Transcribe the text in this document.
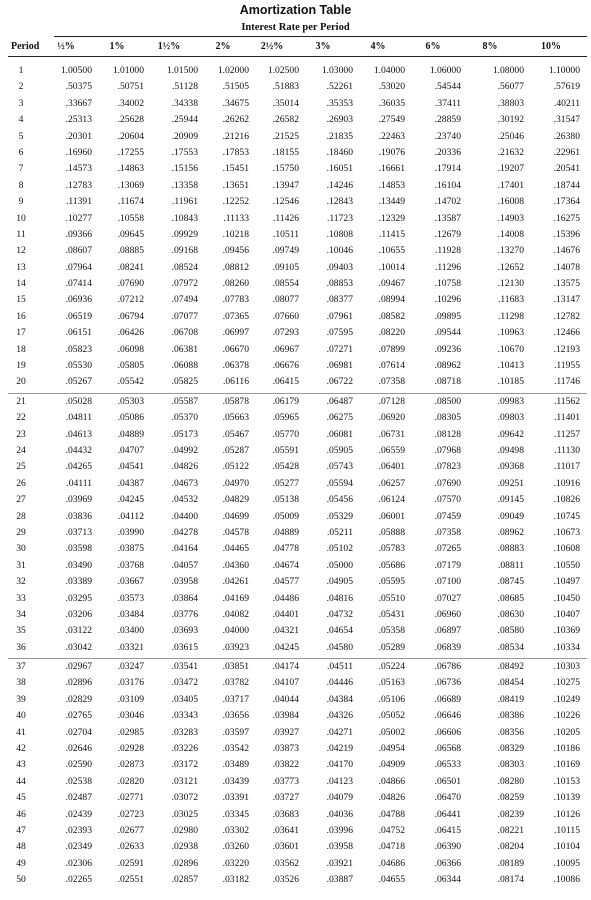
Amortization Table
Interest Rate per Period
Period	½%	1%	1½%	2%	2½%	3%	4%	6%	8%	10%
1	1.00500 1.01000 1.01500 1.02000 1.02500 1.03000 1.04000	1.06000	1.08000	1.10000
2	.50375	.50751	.51128	.51505 .51883	.52261	.53020	.54544	.56077	.57619
3	.33667	.34002	.34338	.34675 .35014	.35353	.36035	.37411	.38803	.40211
4	.25313	.25628	.25944	.26262 .26582	.26903	.27549	.28859	.30192	.31547
5	.20301	.20604	.20909	.21216 .21525	.21835	.22463	.23740	.25046	.26380
6	.16960	.17255	.17553	.17853 .18155	.18460	.19076	.20336	.21632	.22961
7	.14573	.14863	.15156	.15451 .15750	.16051	.16661	.17914	.19207	.20541
8	.12783	.13069	.13358	.13651 .13947	.14246	.14853	.16104	.17401	.18744
9	.11391	.11674	.11961	.12252 .12546	.12843	.13449	.14702	.16008	.17364
10	.10277	.10558	.10843	.11133 .11426	.11723	.12329	.13587	.14903	.16275
11	.09366	.09645	.09929	.10218 .10511	.10808	.11415	.12679	.14008	.15396
12	.08607	.08885	.09168	.09456 .09749	.10046	.10655	.11928	.13270	.14676
13	.07964	.08241	.08524	.08812 .09105	.09403	.10014	.11296	.12652	.14078
14	.07414	.07690	.07972	.08260 .08554	.08853	.09467	.10758	.12130	.13575
15	.06936	.07212	.07494	.07783 .08077	.08377	.08994	.10296	.11683	.13147
16	.06519	.06794	.07077	.07365 .07660	.07961	.08582	.09895	.11298	.12782
17	.06151	.06426	.06708	.06997 .07293	.07595	.08220	.09544	.10963	.12466
18	.05823	.06098	.06381	.06670 .06967	.07271	.07899	.09236	.10670	.12193
19	.05530	.05805	.06088	.06378 .06676	.06981	.07614	.08962	.10413	.11955
20	.05267	.05542	.05825	.06116 .06415	.06722	.07358	.08718	.10185	.11746
21	.05028	.05303	.05587	.05878 .06179	.06487	.07128	.08500	.09983	.11562
22	.04811	.05086	.05370	.05663 .05965	.06275	.06920	.08305	.09803	.11401
23	.04613	.04889	.05173	.05467 .05770	.06081	.06731	.08128	.09642	.11257
24	.04432	.04707	.04992	.05287 .05591	.05905	.06559	.07968	.09498	.11130
25	.04265	.04541	.04826	.05122 .05428	.05743	.06401	.07823	.09368	.11017
26	.04111	.04387	.04673	.04970 .05277	.05594	.06257	.07690	.09251	.10916
27	.03969	.04245	.04532	.04829 .05138	.05456	.06124	.07570	.09145	.10826
28	.03836	.04112	.04400	.04699 .05009	.05329	.06001	.07459	.09049	.10745
29	.03713	.03990	.04278	.04578 .04889	.05211	.05888	.07358	.08962	.10673
30	.03598	.03875	.04164	.04465 .04778	.05102	.05783	.07265	.08883	.10608
31	.03490	.03768	.04057	.04360 .04674	.05000	.05686	.07179	.08811	.10550
32	.03389	.03667	.03958	.04261 .04577	.04905	.05595	.07100	.08745	.10497
33	.03295	.03573	.03864	.04169 .04486	.04816	.05510	.07027	.08685	.10450
34	.03206	.03484	.03776	.04082 .04401	.04732	.05431	.06960	.08630	.10407
35	.03122	.03400	.03693	.04000 .04321	.04654	.05358	.06897	.08580	.10369
36	.03042	.03321	.03615	.03923 .04245	.04580	.05289	.06839	.08534	.10334
37	.02967	.03247	.03541	.03851 .04174	.04511	.05224	.06786	.08492	.10303
38	.02896	.03176	.03472	.03782 .04107	.04446	.05163	.06736	.08454	.10275
39	.02829	.03109	.03405	.03717 .04044	.04384	.05106	.06689	.08419	.10249
40	.02765	.03046	.03343	.03656 .03984	.04326	.05052	.06646	.08386	.10226
41	.02704	.02985	.03283	.03597 .03927	.04271	.05002	.06606	.08356	.10205
42	.02646	.02928	.03226	.03542 .03873	.04219	.04954	.06568	.08329	.10186
43	.02590	.02873	.03172	.03489 .03822	.04170	.04909	.06533	.08303	.10169
44	.02538	.02820	.03121	.03439 .03773	.04123	.04866	.06501	.08280	.10153
45	.02487	.02771	.03072	.03391 .03727	.04079	.04826	.06470	.08259	.10139
46	.02439	.02723	.03025	.03345 .03683	.04036	.04788	.06441	.08239	.10126
47	.02393	.02677	.02980	.03302 .03641	.03996	.04752	.06415	.08221	.10115
48	.02349	.02633	.02938	.03260 .03601	.03958	.04718	.06390	.08204	.10104
49	.02306	.02591	.02896	.03220 .03562	.03921	.04686	.06366	.08189	.10095
50	.02265	.02551	.02857	.03182 .03526	.03887	.04655	.06344	.08174	.10086
